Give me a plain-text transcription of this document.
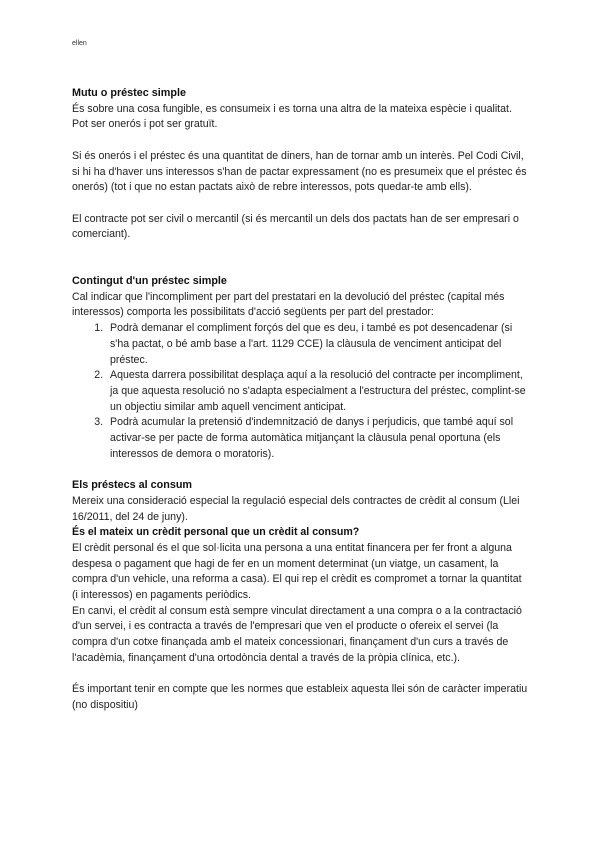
ellen
Mutu o préstec simple

És sobre una cosa fungible, es consumeix i es torna una altra de la mateixa espècie i qualitat. Pot ser onerós i pot ser gratuït.

Si és onerós i el préstec és una quantitat de diners, han de tornar amb un interès. Pel Codi Civil, si hi ha d'haver uns interessos s'han de pactar expressament (no es presumeix que el préstec és onerós) (tot i que no estan pactats això de rebre interessos, pots quedar-te amb ells).

El contracte pot ser civil o mercantil (si és mercantil un dels dos pactats han de ser empresari o comerciant).

Contingut d'un préstec simple

Cal indicar que l'incompliment per part del prestatari en la devolució del préstec (capital més interessos) comporta les possibilitats d'acció següents per part del prestador:

1. Podrà demanar el compliment forçós del que es deu, i també es pot desencadenar (si s'ha pactat, o bé amb base a l'art. 1129 CCE) la clàusula de venciment anticipat del préstec.
2. Aquesta darrera possibilitat desplaça aquí a la resolució del contracte per incompliment, ja que aquesta resolució no s'adapta especialment a l'estructura del préstec, complint-se un objectiu similar amb aquell venciment anticipat.
3. Podrà acumular la pretensió d'indemnització de danys i perjudicis, que també aquí sol activar-se per pacte de forma automàtica mitjançant la clàusula penal oportuna (els interessos de demora o moratoris).
Els préstecs al consum

Mereix una consideració especial la regulació especial dels contractes de crèdit al consum (Llei 16/2011, del 24 de juny).

És el mateix un crèdit personal que un crèdit al consum?

El crèdit personal és el que sol·licita una persona a una entitat financera per fer front a alguna despesa o pagament que hagi de fer en un moment determinat (un viatge, un casament, la compra d'un vehicle, una reforma a casa). El qui rep el crèdit es compromet a tornar la quantitat (i interessos) en pagaments periòdics.

En canvi, el crèdit al consum està sempre vinculat directament a una compra o a la contractació d'un servei, i es contracta a través de l'empresari que ven el producte o ofereix el servei (la compra d'un cotxe finançada amb el mateix concessionari, finançament d'un curs a través de l'acadèmia, finançament d'una ortodòncia dental a través de la pròpia clínica, etc.).

És important tenir en compte que les normes que estableix aquesta llei són de caràcter imperatiu (no dispositiu)
